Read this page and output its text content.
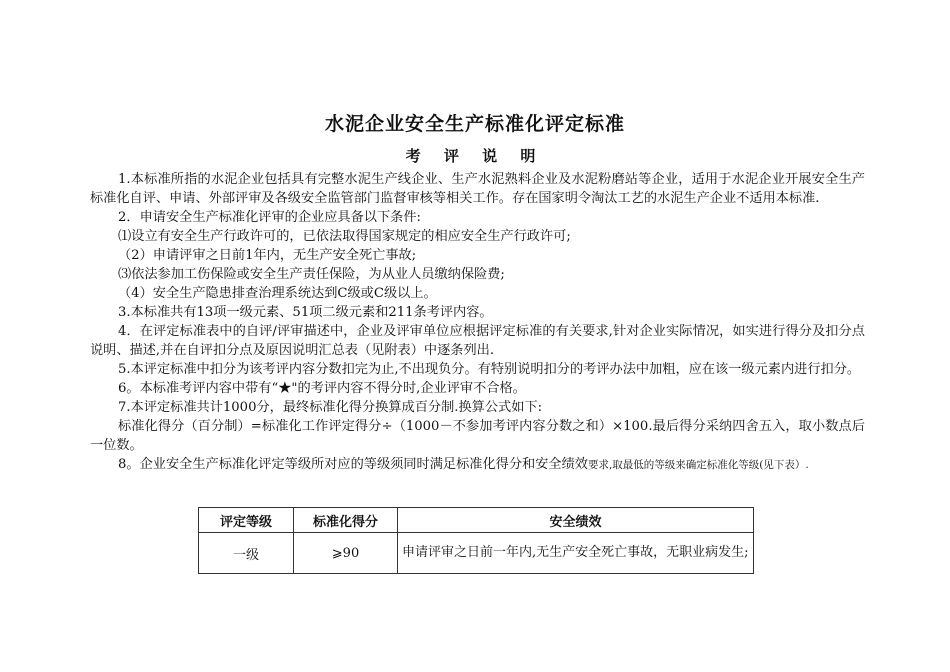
水泥企业安全生产标准化评定标准
考 评 说 明

1.本标准所指的水泥企业包括具有完整水泥生产线企业、生产水泥熟料企业及水泥粉磨站等企业，适用于水泥企业开展安全生产标准化自评、申请、外部评审及各级安全监管部门监督审核等相关工作。存在国家明令淘汰工艺的水泥生产企业不适用本标准.

2．申请安全生产标准化评审的企业应具备以下条件:

⑴设立有安全生产行政许可的，已依法取得国家规定的相应安全生产行政许可;

（2）申请评审之日前1年内，无生产安全死亡事故;

⑶依法参加工伤保险或安全生产责任保险，为从业人员缴纳保险费;

（4）安全生产隐患排查治理系统达到C级或C级以上。

3.本标准共有13项一级元素、51项二级元素和211条考评内容。

4．在评定标准表中的自评/评审描述中，企业及评审单位应根据评定标准的有关要求,针对企业实际情况，如实进行得分及扣分点说明、描述,并在自评扣分点及原因说明汇总表（见附表）中逐条列出.

5.本评定标准中扣分为该考评内容分数扣完为止,不出现负分。有特别说明扣分的考评办法中加粗，应在该一级元素内进行扣分。

6。本标准考评内容中带有“★"的考评内容不得分时,企业评审不合格。

7.本评定标准共计1000分，最终标准化得分换算成百分制.换算公式如下:

标准化得分（百分制）=标准化工作评定得分÷（1000－不参加考评内容分数之和）×100.最后得分采纳四舍五入，取小数点后一位数。

8。企业安全生产标准化评定等级所对应的等级须同时满足标准化得分和安全绩效要求,取最低的等级来确定标准化等级(见下表）.

评定等级	标准化得分	安全绩效
一级	⩾90	申请评审之日前一年内,无生产安全死亡事故，无职业病发生;
